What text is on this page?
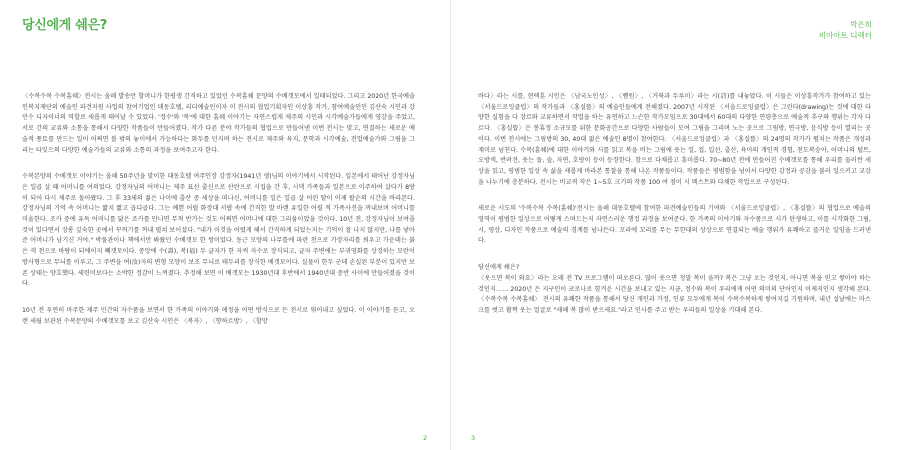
당신에게 쉐은?	박은희
비아아트 디렉터

〈수복수복 수복흠쉐〉전시는 올해 발송만 할머니가 한평생 간직하고 있었던 수복흠쉐 문양의 수베갯모에서 일태되었다. 그리고 2020년 한국예술인복지재단의 예술인 파견지원 사업의 참여기업인 데동호텔, 리더예술인이자 이 전시의 협업기획자인 이상흥 작가, 참여예술인인 김산숙 시인과 강민수 디자이너의 역할로 새롭게 태어날 수 있었다. '정수'와 '복'에 대한 흠쉐 이야기는 자연스럽게 제주의 시인과 시각예술가들에게 영감을 주었고, 서로 간의 교류와 소통을 통해서 다양한 작품들이 만들어졌다. 작가 다른 분야 작가들의 협업으로 만들어낸 이번 전시는 맞고, 연결하는 새로운 예술적 풍토를 만드는 일이 어쩌면 볼 밖의 놓이에서 가능하다는 화두를 던지며 하는 전시로 제주와 육지, 문학과 시각예술, 전업예술가와 그림을 그리는 타잊으의 다양한 예술가들의 교류와 소통의 과정을 보여주고자 한다.

수복본양의 수베갯모 이야기는 올해 50주년을 맞이한 대동호텔 여주인장 강정자(1941년 생)님의 이야기에서 시작된다. 일본에서 태어난 강정자님은 일곱 살 때 어머니를 여의었다. 강정자님의 어머니는 제주 표선 출신으로 산란으로 시집을 간 후, 시댁 가족들과 일본으로 이주하여 살다가 8방이 되어 다시 제주로 돌아왔다. 그 후 33세의 젊은 나이에 출산 중 세상을 떠나신, 어머니를 일은 일곱 살 어린 딸이 이제 팔순의 시간을 바라본다. 강정자님의 기억 속 어머니는 짧지 짧고 곱디곱다. 그는 예쁜 어릴 화장대 서랍 속에 간직한 발 바랜 유일한 어릴 적 가족사진을 꺼내보며 어머니를 미울한다. 조카 중에 유독 어머니를 닮은 조카를 만나면 무척 반가는 것도 어쩌면 어머니에 대한 그리움이었을 것이다. 10년 전, 강정자님이 보여줄 것이 있다면서 장롱 깊숙한 곳에서 꾸꺼기를 꺼내 펼쳐 보이셨다. "내가 이것을 어렸게 해서 간직하게 되었는지는 기억이 잘 나지 않지만, 나를 낳아 준 어머니가 남기신 거야." 박물관이나 책에서만 봐왔던 수베갯모 한 쌍이었다. 동근 모양의 나무틀에 파란 천으로 가장자리를 씌우고 가운데는 붉은 색 천으로 바탕이 되에이지 빼갯모이다. 중앙에 수(壽), 복(福) 두 글자가 한 자씩 자수로 장식되고, 글자 주변에는 부귀영화를 상징하는 모란이 방사형으로 무늬를 이루고, 그 주변을 여(汝)자의 변형 모양이 보조 무늬로 테두리를 장식한 베갯모이다. 실물이 한두 군데 손실된 부분이 있지만 보존 상태는 양호했다. 세련미보다는 소박한 정감이 느껴졌다. 추정해 보면 이 베갯모는 1930년대 후반에서 1940년대 중반 사이에 만들어졌을 것이다.

10년 전 우연히 마주한 제주 민간의 자수품을 보면서 한 가족의 이야기와 애정을 어떤 방식으로 든 전시로 엮어내고 싶었다. 이 이야기를 듣고, 오랜 세월 보관된 수복문양의 수베갯모를 보고 김산숙 시인은 〈복자〉, 〈향하르방〉, 〈할망

바다〉라는 시를, 현택훈 시인은 〈남국노인성〉, 〈뼘원〉, 〈거북과 두루미〉라는 시(詩)를 내놓았다. 이 시들은 이상흥작가가 참여하고 있는 〈서울드로잉클럽〉의 작가들과 〈홍실뜰〉의 예술인들에게 전해졌다. 2007년 시작된 〈서울드로잉클럽〉은 그린다(drawing)는 것에 대한 다양한 실험을 다 장르와 교류하면서 작업을 하는 유연하고 느슨한 작가모임으로 30대에서 60대의 다양한 연령층으로 예술적 추구와 행위는 각자 다르다. 〈홍실뜰〉은 봉휴정 소규모를 위한 문화공간으로 다양한 사람들이 모여 그림을 그리며 노는 곳으로 그림방, 연극방, 음식방 등이 열리는 곳이다. 이번 전시에는 그림방의 30, 40대 젊은 예술인 8명이 참여한다. 〈서울드로잉클럽〉과 〈홍실뜰〉의 24명의 작가가 펼치는 작품은 개성과 재미로 넘친다. 수복(흠쉐)에 대한 이야기와 시를 읽고 복을 비는 그림에 웃는 일, 집, 입선, 출산, 육아의 개인적 경험, 천도복숭아, 어머니의 털트, 오방색, 반려견, 웃는 돌, 숲, 자연, 호랑이 등이 등장한다. 참으로 다채롭고 흥미롭다. 70~80년 전에 만들어진 수베갯모를 통해 우리를 둘러싼 세상을 읽고, 평범한 일상 속 삶을 새롭게 바라본 통찰을 통해 나온 작품들이다. 작품들은 평범함을 넘어서 다양한 감정과 공감을 불러 일으키고 교감을 나누기에 충분하다. 전시는 비교적 작은 1~5호 크기의 작품 100 여 점이 시 텍스트와 다채한 작업으로 구성된다.

새로운 시도의 '수복수복 수복(흠쉐)'전시는 올해 대동호텔에 참여한 파견예술인들의 기여와 〈서울드로잉클럽〉, 〈홍실뜰〉의 협업으로 예술의 영역이 평범한 일상으로 어떻게 스며드는지 자연스러운 행정 과정을 보여준다. 한 가족의 이야기와 자수품으로 시가 탄생하고, 이를 시각화한 그림, 시, 영상, 디자인 작품으로 예술의 경계를 넘나든다. 꼬리에 꼬리를 무는 무한대의 상상으로 연결되는 예술 행위가 유쾌하고 즐거운 일임을 드러낸다.

당신에게 쉐은?
〈웃으면 복이 와요〉라는 오래 전 TV 프로그램이 떠오른다. 많이 웃으면 정말 복이 올까? 복은 그냥 오는 것인지, 아니면 복을 믿고 쌓아야 하는 것인지…… 2020년 은 지구인이 코로나로 힘겨운 시간을 보내고 있는 지금, 정수와 복이 우리에게 어떤 의미의 단어인지 이제지인지 생각해 본다. 〈수복수복 수복흠쉐〉 전시의 유쾌한 작품을 통해서 당신 개인과 가정, 인류 모두에게 복이 수복수복하게 쌓여지길 기원하며, 내년 설날에는 마스크를 벗고 활짝 웃는 얼굴로 "새해 복 많이 받으세요."라고 인사를 주고 받는 우리들의 일상을 기대해 본다.

2	3
